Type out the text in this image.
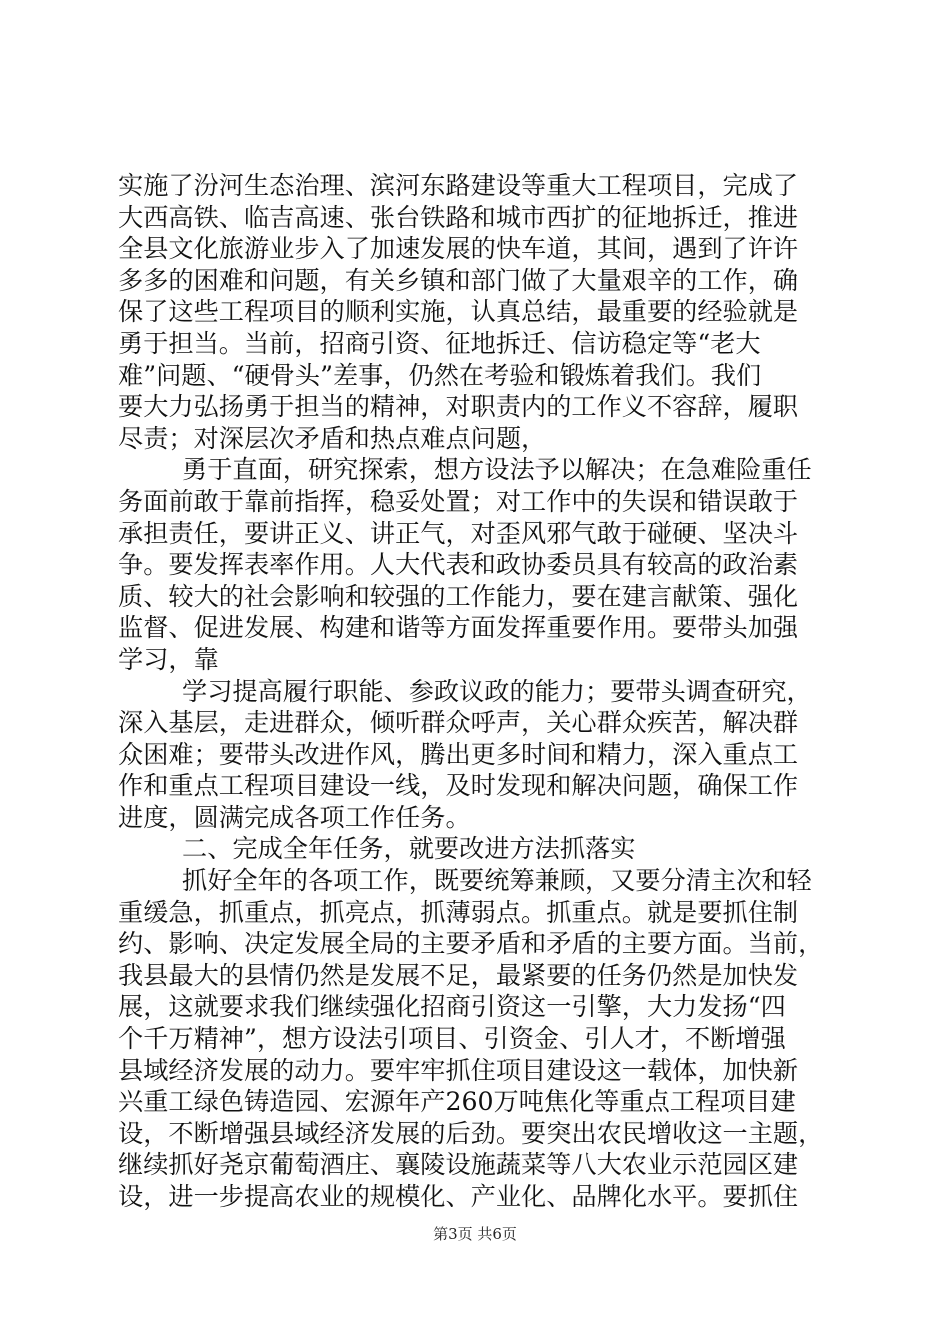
实施了汾河生态治理、滨河东路建设等重大工程项目，完成了
大西高铁、临吉高速、张台铁路和城市西扩的征地拆迁，推进
全县文化旅游业步入了加速发展的快车道，其间，遇到了许许
多多的困难和问题，有关乡镇和部门做了大量艰辛的工作，确
保了这些工程项目的顺利实施，认真总结，最重要的经验就是
勇于担当。当前，招商引资、征地拆迁、信访稳定等“老大
难”问题、“硬骨头”差事，仍然在考验和锻炼着我们。我们
要大力弘扬勇于担当的精神，对职责内的工作义不容辞，履职
尽责；对深层次矛盾和热点难点问题，
勇于直面，研究探索，想方设法予以解决；在急难险重任
务面前敢于靠前指挥，稳妥处置；对工作中的失误和错误敢于
承担责任，要讲正义、讲正气，对歪风邪气敢于碰硬、坚决斗
争。要发挥表率作用。人大代表和政协委员具有较高的政治素
质、较大的社会影响和较强的工作能力，要在建言献策、强化
监督、促进发展、构建和谐等方面发挥重要作用。要带头加强
学习，靠
学习提高履行职能、参政议政的能力；要带头调查研究，
深入基层，走进群众，倾听群众呼声，关心群众疾苦，解决群
众困难；要带头改进作风，腾出更多时间和精力，深入重点工
作和重点工程项目建设一线，及时发现和解决问题，确保工作
进度，圆满完成各项工作任务。
二、完成全年任务，就要改进方法抓落实
抓好全年的各项工作，既要统筹兼顾，又要分清主次和轻
重缓急，抓重点，抓亮点，抓薄弱点。抓重点。就是要抓住制
约、影响、决定发展全局的主要矛盾和矛盾的主要方面。当前，
我县最大的县情仍然是发展不足，最紧要的任务仍然是加快发
展，这就要求我们继续强化招商引资这一引擎，大力发扬“四
个千万精神”，想方设法引项目、引资金、引人才，不断增强
县域经济发展的动力。要牢牢抓住项目建设这一载体，加快新
兴重工绿色铸造园、宏源年产260万吨焦化等重点工程项目建
设，不断增强县域经济发展的后劲。要突出农民增收这一主题，
继续抓好尧京葡萄酒庄、襄陵设施蔬菜等八大农业示范园区建
设，进一步提高农业的规模化、产业化、品牌化水平。要抓住
第3页 共6页
